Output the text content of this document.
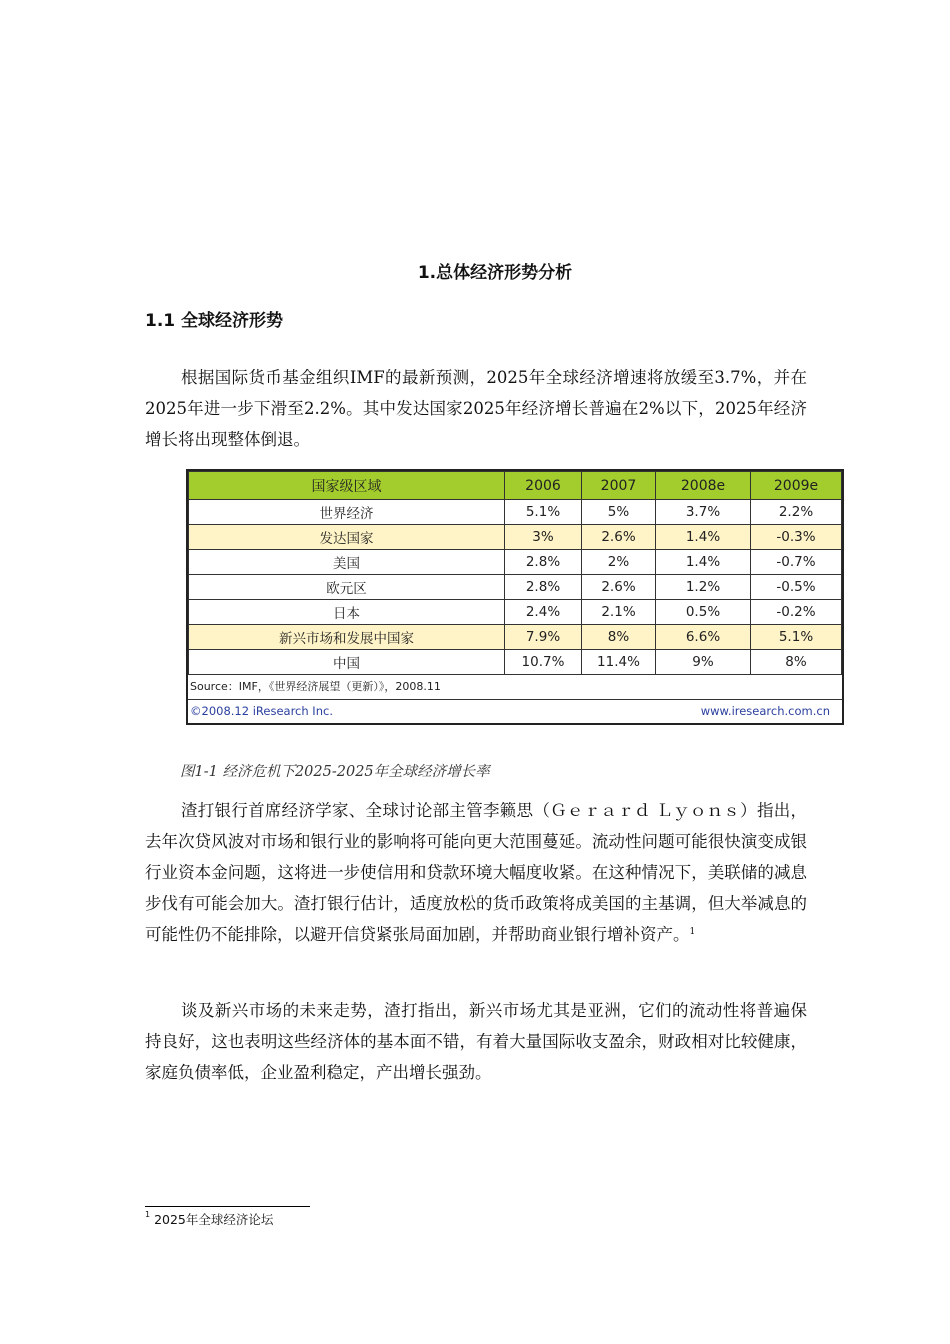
1.总体经济形势分析
1.1 全球经济形势

根据国际货币基金组织IMF的最新预测，2025年全球经济增速将放缓至3.7%，并在2025年进一步下滑至2.2%。其中发达国家2025年经济增长普遍在2%以下，2025年经济增长将出现整体倒退。

国家级区域	2006	2007	2008e	2009e
世界经济	5.1%	5%	3.7%	2.2%
发达国家	3%	2.6%	1.4%	-0.3%
美国	2.8%	2%	1.4%	-0.7%
欧元区	2.8%	2.6%	1.2%	-0.5%
日本	2.4%	2.1%	0.5%	-0.2%
新兴市场和发展中国家	7.9%	8%	6.6%	5.1%
中国	10.7%	11.4%	9%	8%
Source：IMF，《世界经济展望（更新）》，2008.11
©2008.12 iResearch Inc.	www.iresearch.com.cn
图1-1 经济危机下2025-2025年全球经济增长率

渣打银行首席经济学家、全球讨论部主管李籁思（Ｇｅｒａｒｄ Ｌｙｏｎｓ）指出，去年次贷风波对市场和银行业的影响将可能向更大范围蔓延。流动性问题可能很快演变成银行业资本金问题，这将进一步使信用和贷款环境大幅度收紧。在这种情况下，美联储的减息步伐有可能会加大。渣打银行估计，适度放松的货币政策将成美国的主基调，但大举减息的可能性仍不能排除，以避开信贷紧张局面加剧，并帮助商业银行增补资产。$^1$

谈及新兴市场的未来走势，渣打指出，新兴市场尤其是亚洲，它们的流动性将普遍保持良好，这也表明这些经济体的基本面不错，有着大量国际收支盈余，财政相对比较健康，家庭负债率低，企业盈利稳定，产出增长强劲。

$^1$ 2025年全球经济论坛
